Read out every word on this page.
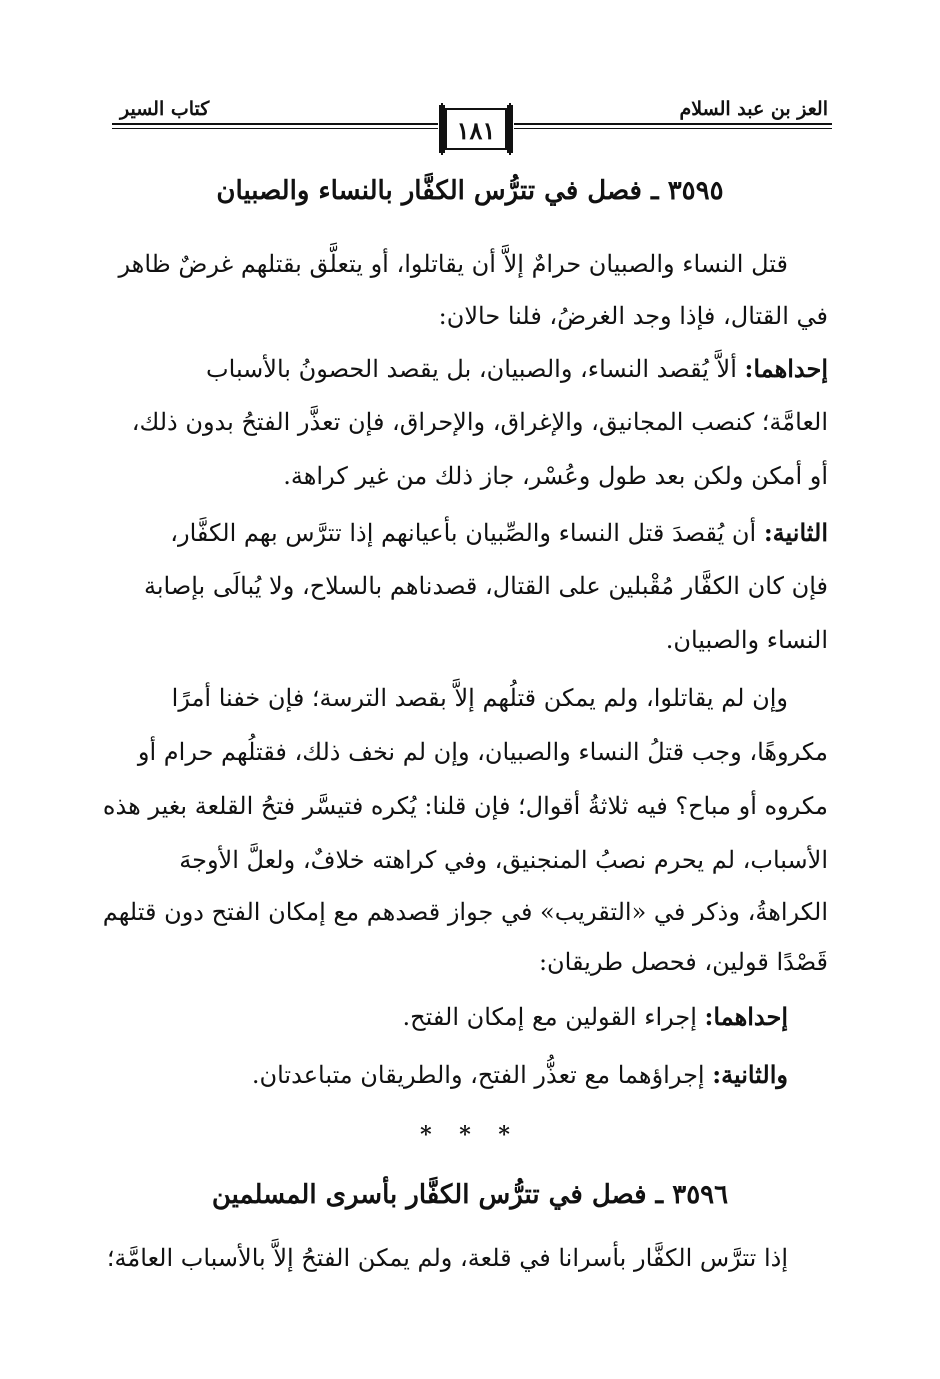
العز بن عبد السلام
كتاب السير
١٨١
٣٥٩٥ ـ فصل في تترُّس الكفَّار بالنساء والصبيان
قتل النساء والصبيان حرامٌ إلاَّ أن يقاتلوا، أو يتعلَّق بقتلهم غرضٌ ظاهر
في القتال، فإذا وجد الغرضُ، فلنا حالان:
إحداهما: ألاَّ يُقصد النساء، والصبيان، بل يقصد الحصونُ بالأسباب
العامَّة؛ كنصب المجانيق، والإغراق، والإحراق، فإن تعذَّر الفتحُ بدون ذلك،
أو أمكن ولكن بعد طول وعُسْر، جاز ذلك من غير كراهة.
الثانية: أن يُقصدَ قتل النساء والصِّبيان بأعيانهم إذا تترَّس بهم الكفَّار،
فإن كان الكفَّار مُقْبلين على القتال، قصدناهم بالسلاح، ولا يُبالَى بإصابة
النساء والصبيان.
وإن لم يقاتلوا، ولم يمكن قتلُهم إلاَّ بقصد الترسة؛ فإن خفنا أمرًا
مكروهًا، وجب قتلُ النساء والصبيان، وإن لم نخف ذلك، فقتلُهم حرام أو
مكروه أو مباح؟ فيه ثلاثةُ أقوال؛ فإن قلنا: يُكره فتيسَّر فتحُ القلعة بغير هذه
الأسباب، لم يحرم نصبُ المنجنيق، وفي كراهته خلافٌ، ولعلَّ الأوجهَ
الكراهةُ، وذكر في «التقريب» في جواز قصدهم مع إمكان الفتح دون قتلهم
قَصْدًا قولين، فحصل طريقان:
إحداهما: إجراء القولين مع إمكان الفتح.
والثانية: إجراؤهما مع تعذُّر الفتح، والطريقان متباعدتان.
* * *
٣٥٩٦ ـ فصل في تترُّس الكفَّار بأسرى المسلمين
إذا تترَّس الكفَّار بأسرانا في قلعة، ولم يمكن الفتحُ إلاَّ بالأسباب العامَّة؛
